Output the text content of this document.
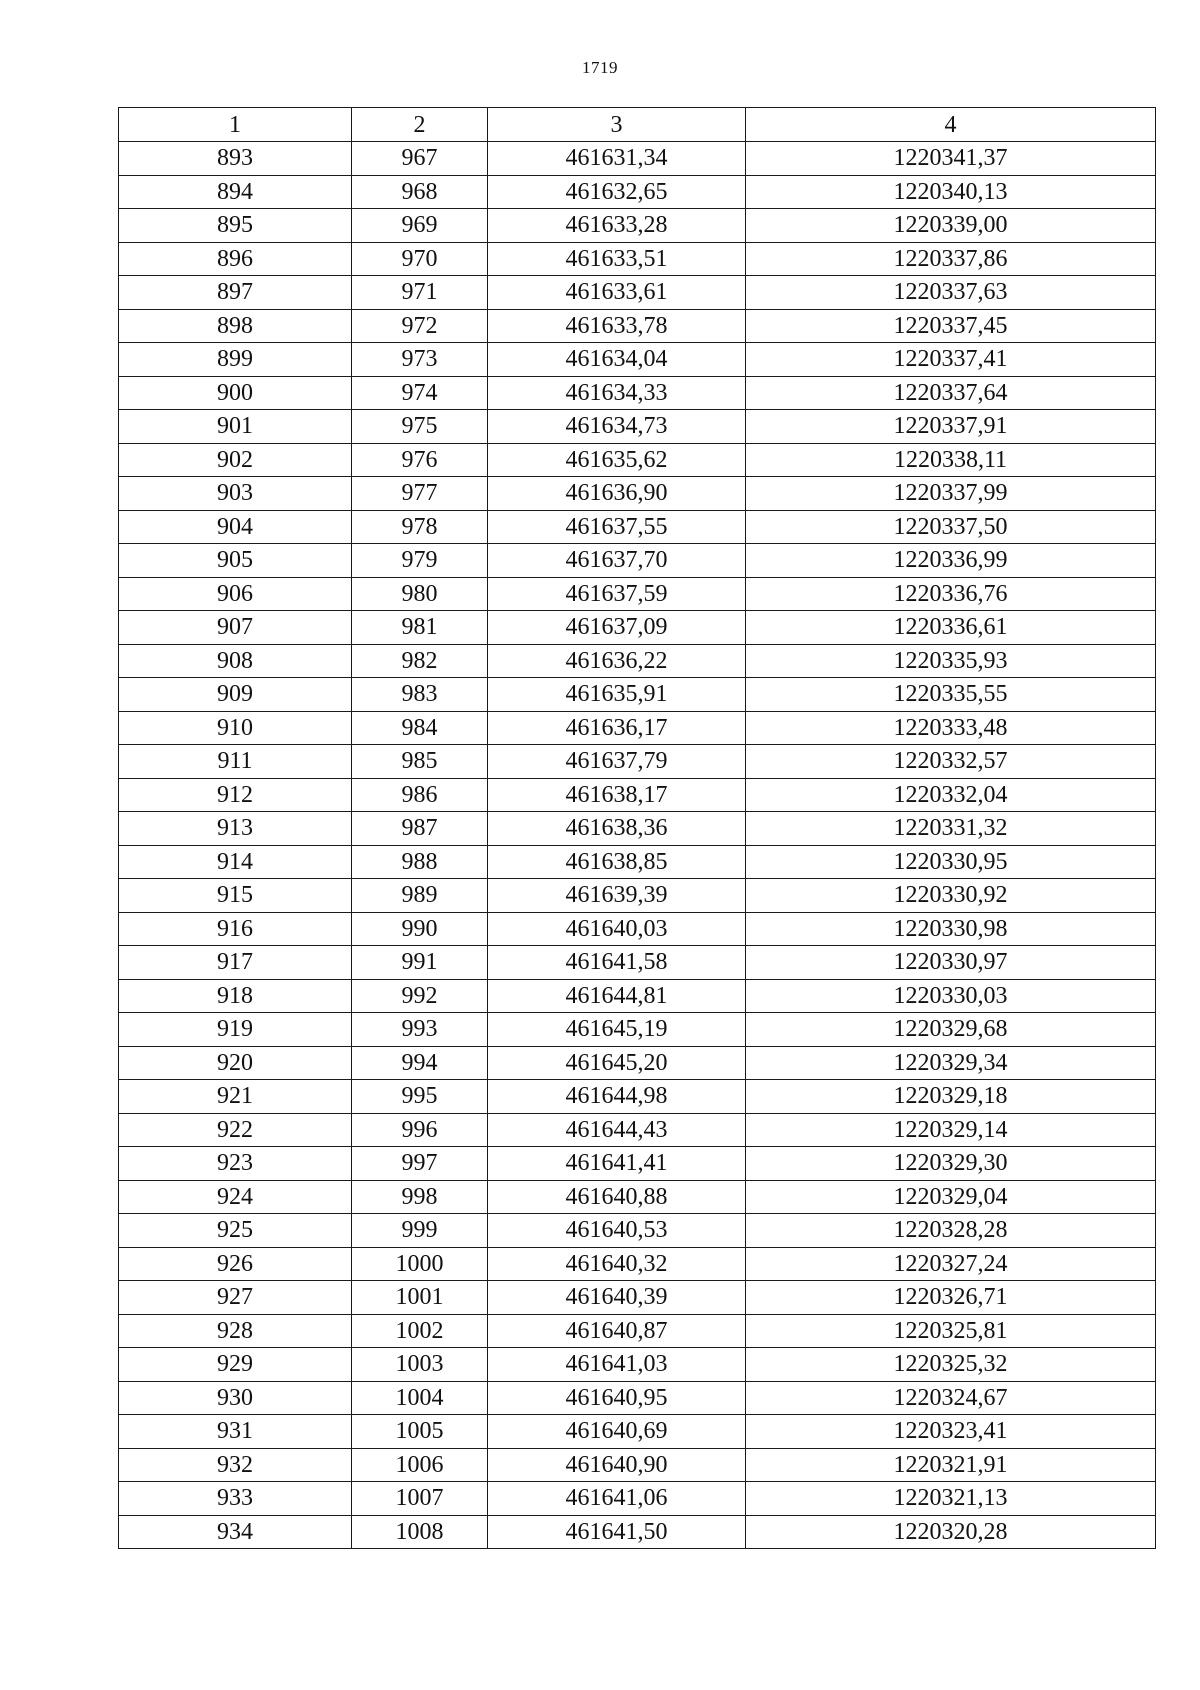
1719
1	2	3	4
893	967	461631,34	1220341,37
894	968	461632,65	1220340,13
895	969	461633,28	1220339,00
896	970	461633,51	1220337,86
897	971	461633,61	1220337,63
898	972	461633,78	1220337,45
899	973	461634,04	1220337,41
900	974	461634,33	1220337,64
901	975	461634,73	1220337,91
902	976	461635,62	1220338,11
903	977	461636,90	1220337,99
904	978	461637,55	1220337,50
905	979	461637,70	1220336,99
906	980	461637,59	1220336,76
907	981	461637,09	1220336,61
908	982	461636,22	1220335,93
909	983	461635,91	1220335,55
910	984	461636,17	1220333,48
911	985	461637,79	1220332,57
912	986	461638,17	1220332,04
913	987	461638,36	1220331,32
914	988	461638,85	1220330,95
915	989	461639,39	1220330,92
916	990	461640,03	1220330,98
917	991	461641,58	1220330,97
918	992	461644,81	1220330,03
919	993	461645,19	1220329,68
920	994	461645,20	1220329,34
921	995	461644,98	1220329,18
922	996	461644,43	1220329,14
923	997	461641,41	1220329,30
924	998	461640,88	1220329,04
925	999	461640,53	1220328,28
926	1000	461640,32	1220327,24
927	1001	461640,39	1220326,71
928	1002	461640,87	1220325,81
929	1003	461641,03	1220325,32
930	1004	461640,95	1220324,67
931	1005	461640,69	1220323,41
932	1006	461640,90	1220321,91
933	1007	461641,06	1220321,13
934	1008	461641,50	1220320,28
